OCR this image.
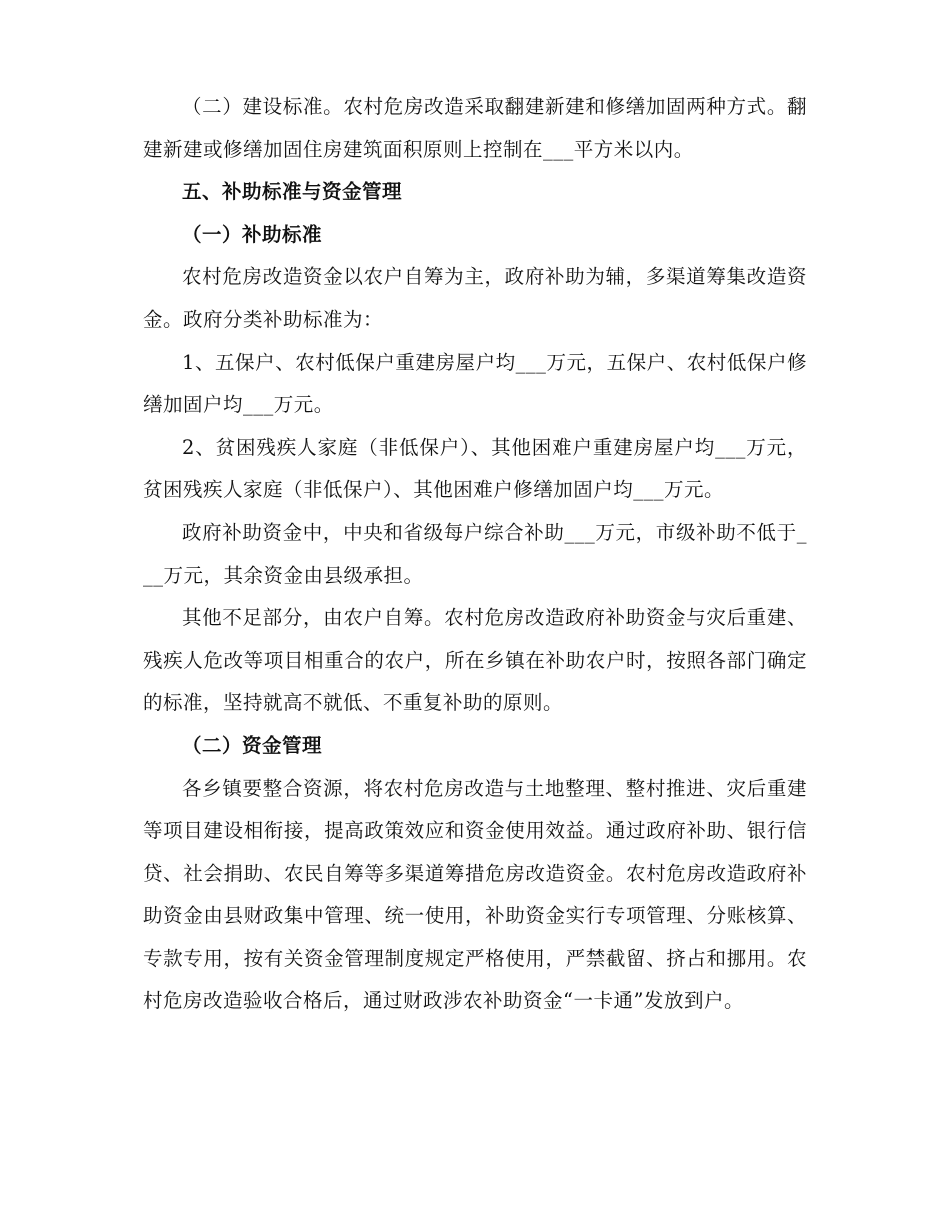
（二）建设标准。农村危房改造采取翻建新建和修缮加固两种方式。翻建新建或修缮加固住房建筑面积原则上控制在___平方米以内。

五、补助标准与资金管理

（一）补助标准

农村危房改造资金以农户自筹为主，政府补助为辅，多渠道筹集改造资金。政府分类补助标准为：

1、五保户、农村低保户重建房屋户均___万元，五保户、农村低保户修缮加固户均___万元。

2、贫困残疾人家庭（非低保户）、其他困难户重建房屋户均___万元，贫困残疾人家庭（非低保户）、其他困难户修缮加固户均___万元。

政府补助资金中，中央和省级每户综合补助___万元，市级补助不低于___万元，其余资金由县级承担。

其他不足部分，由农户自筹。农村危房改造政府补助资金与灾后重建、残疾人危改等项目相重合的农户，所在乡镇在补助农户时，按照各部门确定的标准，坚持就高不就低、不重复补助的原则。

（二）资金管理

各乡镇要整合资源，将农村危房改造与土地整理、整村推进、灾后重建等项目建设相衔接，提高政策效应和资金使用效益。通过政府补助、银行信贷、社会捐助、农民自筹等多渠道筹措危房改造资金。农村危房改造政府补助资金由县财政集中管理、统一使用，补助资金实行专项管理、分账核算、专款专用，按有关资金管理制度规定严格使用，严禁截留、挤占和挪用。农村危房改造验收合格后，通过财政涉农补助资金“一卡通”发放到户。
